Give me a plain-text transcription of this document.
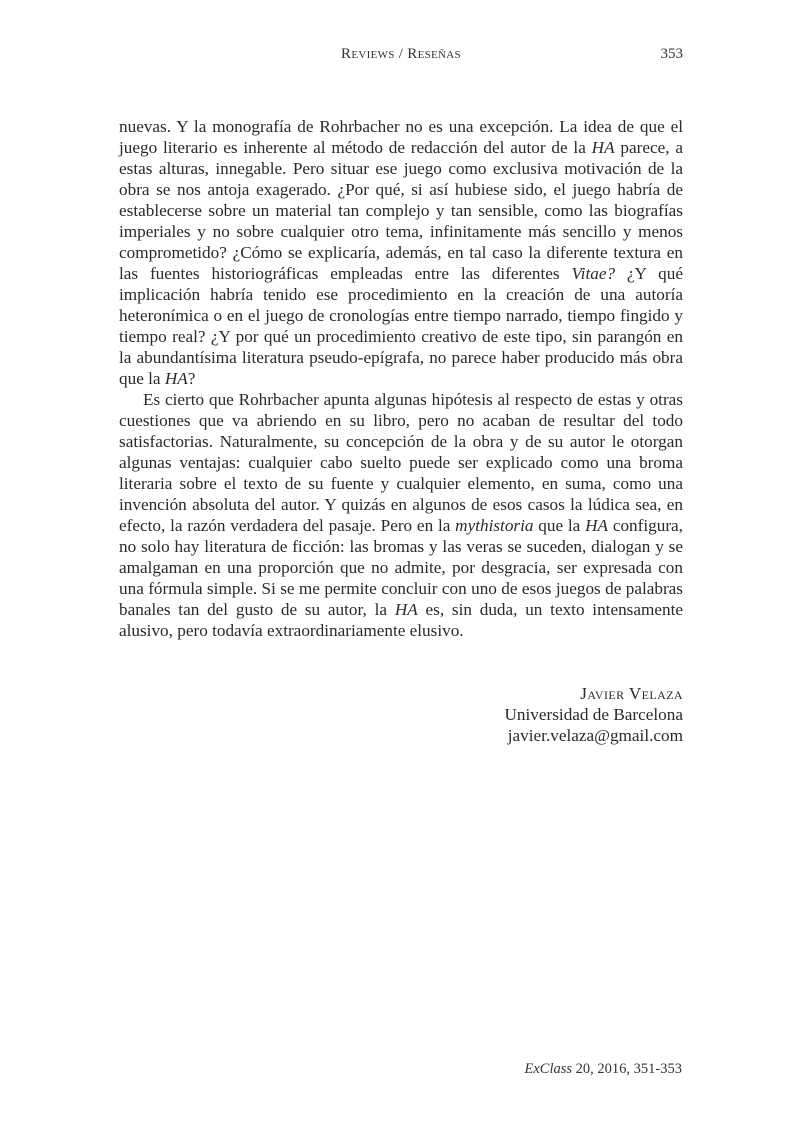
Reviews / Reseñas	353

nuevas. Y la monografía de Rohrbacher no es una excepción. La idea de que el juego literario es inherente al método de redacción del autor de la HA parece, a estas alturas, innegable. Pero situar ese juego como exclusiva motivación de la obra se nos antoja exagerado. ¿Por qué, si así hubiese sido, el juego habría de establecerse sobre un material tan complejo y tan sensible, como las biografías imperiales y no sobre cualquier otro tema, infinitamente más sencillo y menos comprometido? ¿Cómo se explicaría, además, en tal caso la diferente textura en las fuentes historiográficas empleadas entre las diferentes Vitae? ¿Y qué implicación habría tenido ese procedimiento en la creación de una autoría heteronímica o en el juego de cronologías entre tiempo narrado, tiempo fingido y tiempo real? ¿Y por qué un procedimiento creativo de este tipo, sin parangón en la abundantísima literatura pseudo-epígrafa, no parece haber producido más obra que la HA?

Es cierto que Rohrbacher apunta algunas hipótesis al respecto de estas y otras cuestiones que va abriendo en su libro, pero no acaban de resultar del todo satisfactorias. Naturalmente, su concepción de la obra y de su autor le otorgan algunas ventajas: cualquier cabo suelto puede ser explicado como una broma literaria sobre el texto de su fuente y cualquier elemento, en suma, como una invención absoluta del autor. Y quizás en algunos de esos casos la lúdica sea, en efecto, la razón verdadera del pasaje. Pero en la mythistoria que la HA configura, no solo hay literatura de ficción: las bromas y las veras se suceden, dialogan y se amalgaman en una proporción que no admite, por desgracia, ser expresada con una fórmula simple. Si se me permite concluir con uno de esos juegos de palabras banales tan del gusto de su autor, la HA es, sin duda, un texto intensamente alusivo, pero todavía extraordinariamente elusivo.

Javier Velaza
Universidad de Barcelona
javier.velaza@gmail.com
ExClass 20, 2016, 351-353
